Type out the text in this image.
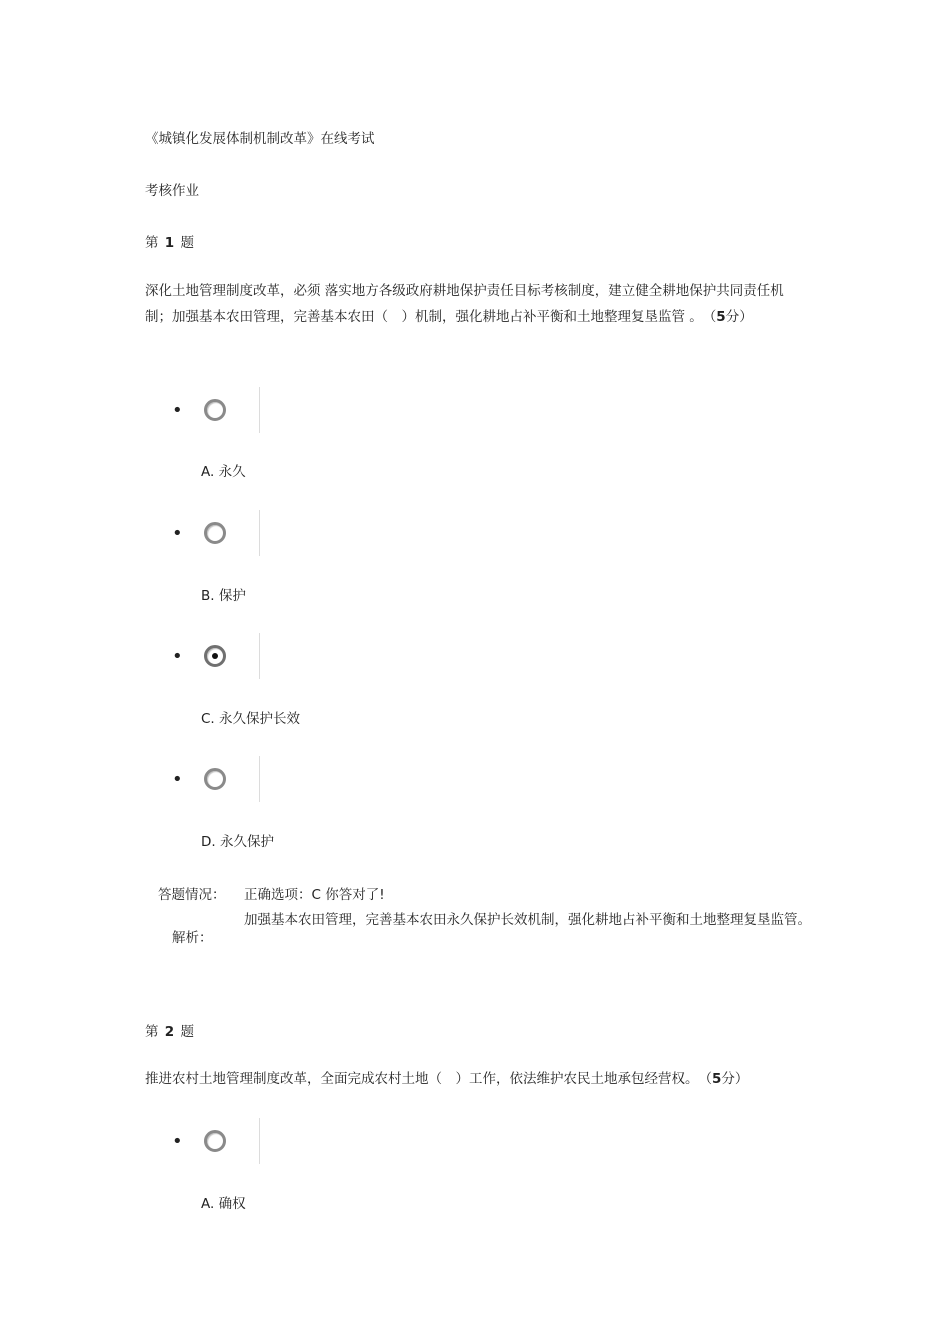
《城镇化发展体制机制改革》在线考试
考核作业
第 1 题
深化土地管理制度改革，必须 落实地方各级政府耕地保护责任目标考核制度，建立健全耕地保护共同责任机制；加强基本农田管理，完善基本农田（　）机制，强化耕地占补平衡和土地整理复垦监管 。　（5分）
•
A. 永久
•
B. 保护
•
C. 永久保护长效
•
D. 永久保护
答题情况： 正确选项：C 你答对了!
解析：
加强基本农田管理，完善基本农田永久保护长效机制，强化耕地占补平衡和土地整理复垦监管。
第 2 题
推进农村土地管理制度改革，全面完成农村土地（　）工作，依法维护农民土地承包经营权。　（5分）
•
A. 确权
